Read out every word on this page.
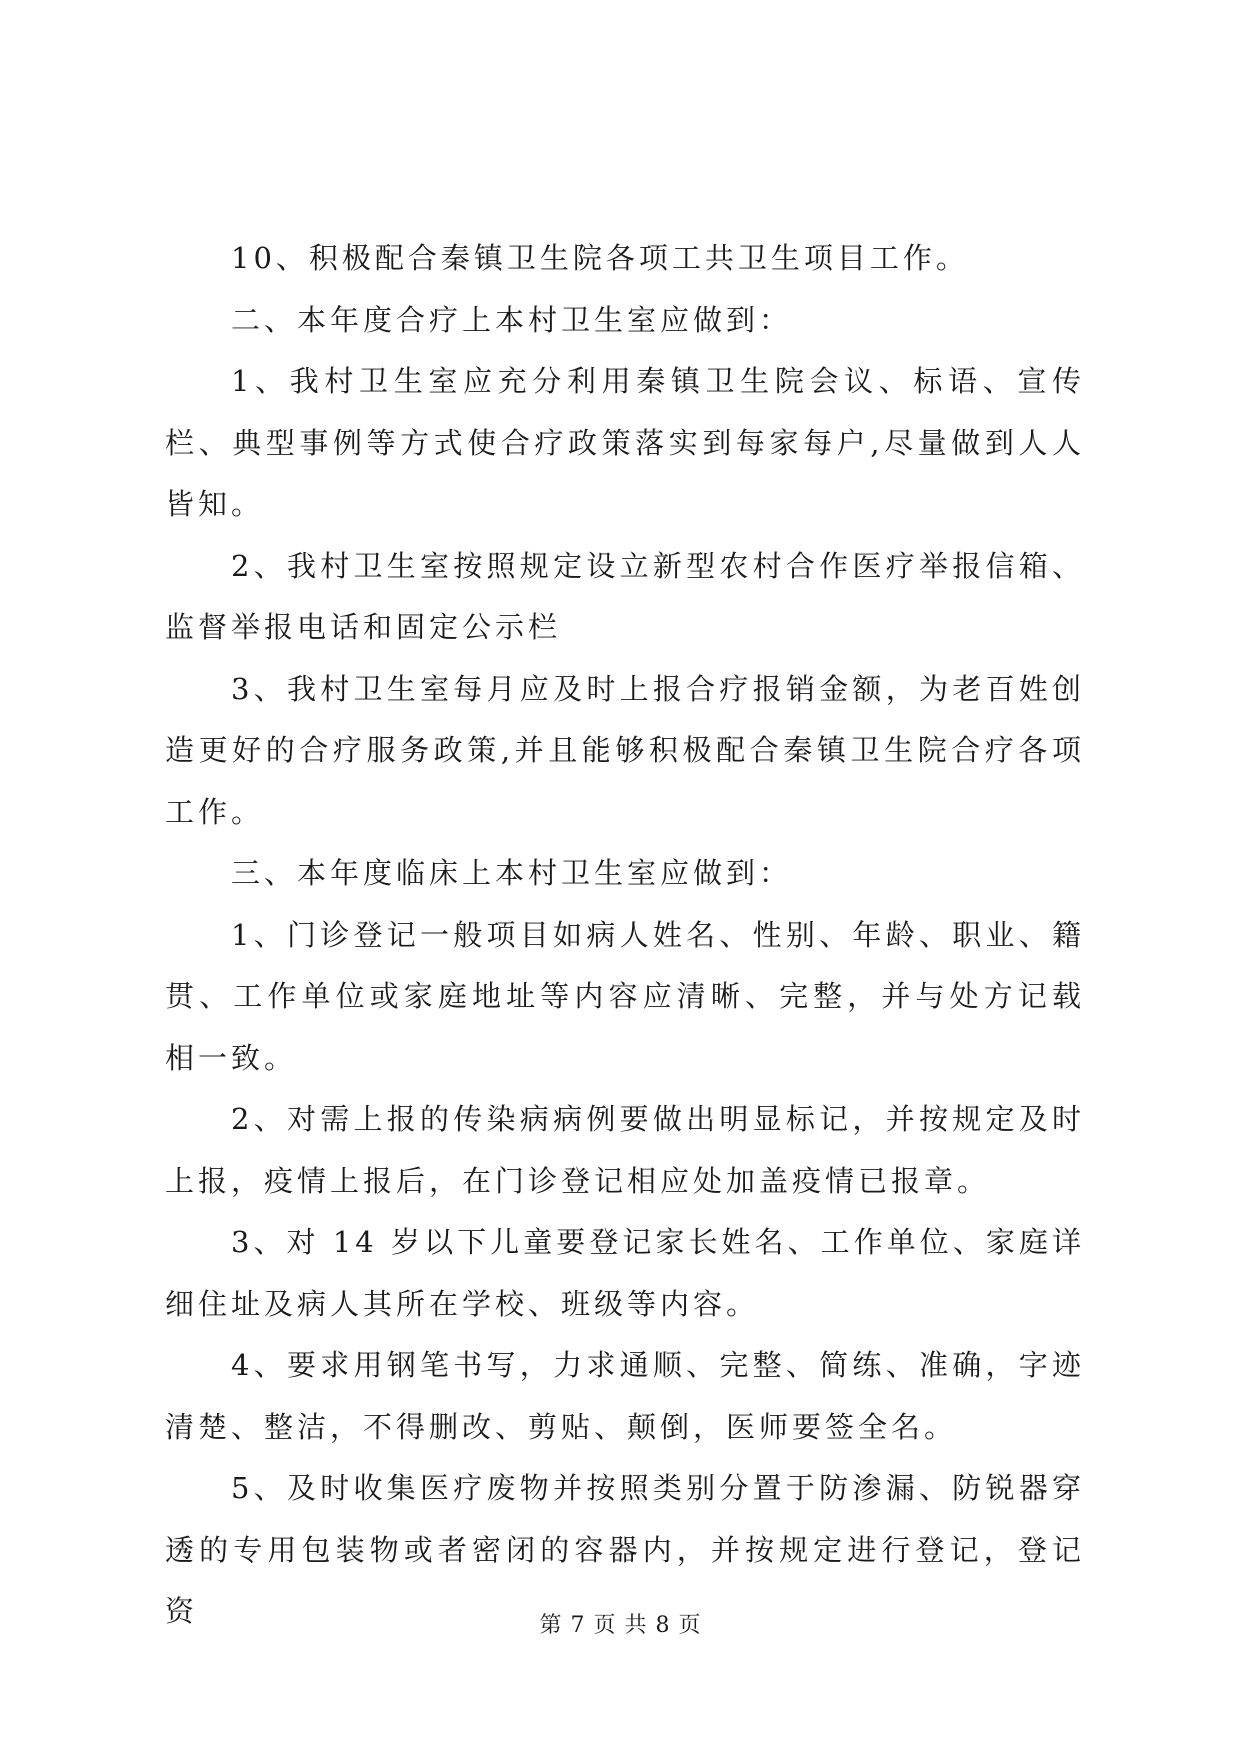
10、积极配合秦镇卫生院各项工共卫生项目工作。

二、本年度合疗上本村卫生室应做到：

1、我村卫生室应充分利用秦镇卫生院会议、标语、宣传栏、典型事例等方式使合疗政策落实到每家每户,尽量做到人人皆知。

2、我村卫生室按照规定设立新型农村合作医疗举报信箱、监督举报电话和固定公示栏

3、我村卫生室每月应及时上报合疗报销金额，为老百姓创造更好的合疗服务政策,并且能够积极配合秦镇卫生院合疗各项工作。

三、本年度临床上本村卫生室应做到：

1、门诊登记一般项目如病人姓名、性别、年龄、职业、籍贯、工作单位或家庭地址等内容应清晰、完整，并与处方记载相一致。

2、对需上报的传染病病例要做出明显标记，并按规定及时上报，疫情上报后，在门诊登记相应处加盖疫情已报章。

3、对 14 岁以下儿童要登记家长姓名、工作单位、家庭详细住址及病人其所在学校、班级等内容。

4、要求用钢笔书写，力求通顺、完整、简练、准确，字迹清楚、整洁，不得删改、剪贴、颠倒，医师要签全名。

5、及时收集医疗废物并按照类别分置于防渗漏、防锐器穿透的专用包装物或者密闭的容器内，并按规定进行登记，登记资	第 7 页 共 8 页
